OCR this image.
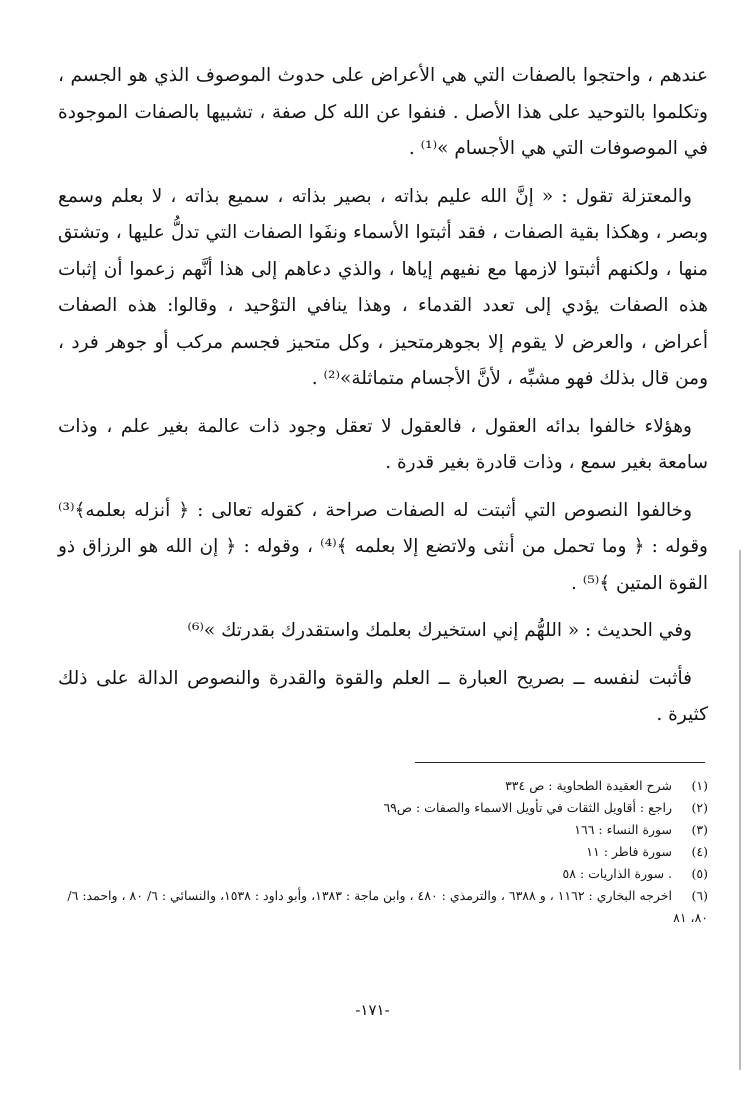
عندهم ، واحتجوا بالصفات التي هي الأعراض على حدوث الموصوف الذي هو الجسم ، وتكلموا بالتوحيد على هذا الأصل . فنفوا عن الله كل صفة ، تشبيها بالصفات الموجودة في الموصوفات التي هي الأجسام »⁽¹⁾ .

والمعتزلة تقول : « إنَّ الله عليم بذاته ، بصير بذاته ، سميع بذاته ، لا بعلم وسمع وبصر ، وهكذا بقية الصفات ، فقد أثبتوا الأسماء ونفَوا الصفات التي تدلُّ عليها ، وتشتق منها ، ولكنهم أثبتوا لازمها مع نفيهم إياها ، والذي دعاهم إلى هذا أنَّهم زعموا أن إثبات هذه الصفات يؤدي إلى تعدد القدماء ، وهذا ينافي التوْحيد ، وقالوا: هذه الصفات أعراض ، والعرض لا يقوم إلا بجوهرمتحيز ، وكل متحيز فجسم مركب أو جوهر فرد ، ومن قال بذلك فهو مشبِّه ، لأنَّ الأجسام متماثلة»⁽²⁾ .

وهؤلاء خالفوا بدائه العقول ، فالعقول لا تعقل وجود ذات عالمة بغير علم ، وذات سامعة بغير سمع ، وذات قادرة بغير قدرة .

وخالفوا النصوص التي أثبتت له الصفات صراحة ، كقوله تعالى : ﴿ أنزله بعلمه﴾⁽³⁾ وقوله : ﴿ وما تحمل من أنثى ولاتضع إلا بعلمه ﴾⁽⁴⁾ ، وقوله : ﴿ إن الله هو الرزاق ذو القوة المتين ﴾⁽⁵⁾ .

وفي الحديث : « اللهُّم إني استخيرك بعلمك واستقدرك بقدرتك »⁽⁶⁾

فأثبت لنفسه ــ بصريح العبارة ــ العلم والقوة والقدرة والنصوص الدالة على ذلك كثيرة .

(١)شرح العقيدة الطحاوية : ص ٣٣٤
(٢)راجع : أقاويل الثقات في تأويل الاسماء والصفات : ص٦٩
(٣)سورة النساء : ١٦٦
(٤)سورة فاطر : ١١
(٥). سورة الذاريات : ٥٨
(٦)اخرجه البخاري : ١١٦٢ ، و ٦٣٨٨ ، والترمذي : ٤٨٠ ، وابن ماجة : ١٣٨٣، وأبو داود : ١٥٣٨، والنسائي : ٦/ ٨٠ ، واحمد: ٦/ ٨٠، ٨١
-١٧١-
